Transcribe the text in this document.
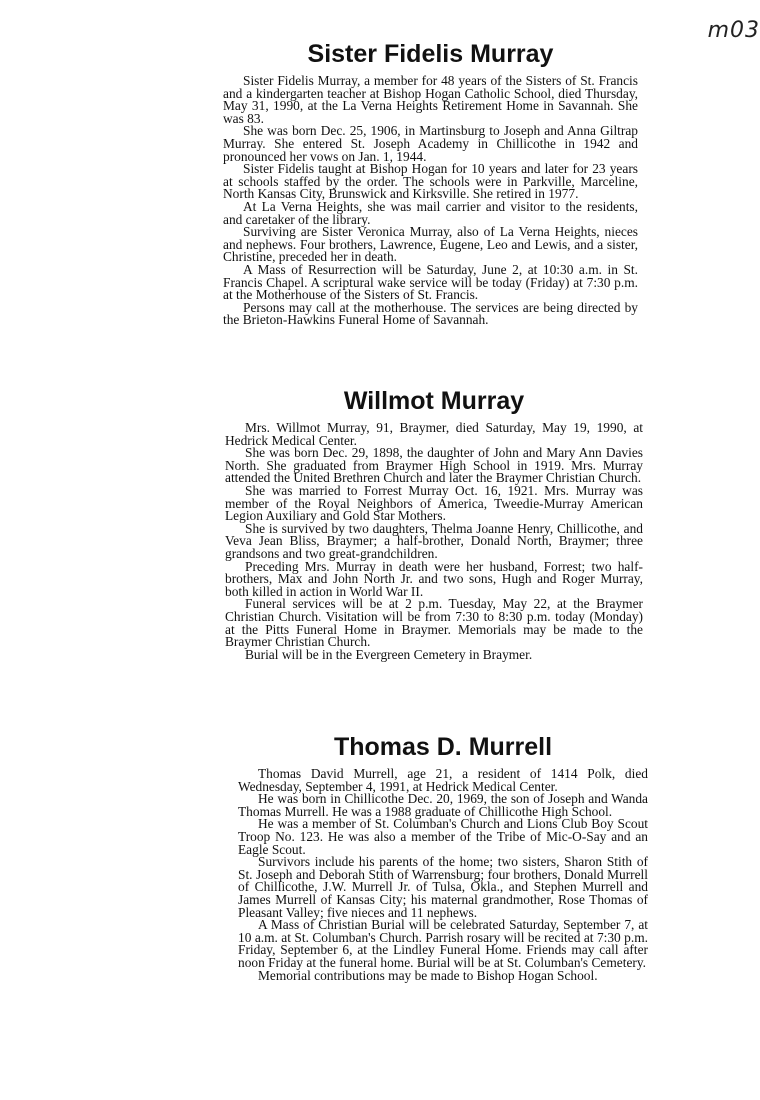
m03
Sister Fidelis Murray

Sister Fidelis Murray, a member for 48 years of the Sisters of St. Francis and a kindergarten teacher at Bishop Hogan Catholic School, died Thursday, May 31, 1990, at the La Verna Heights Retirement Home in Savannah. She was 83.

She was born Dec. 25, 1906, in Martinsburg to Joseph and Anna Giltrap Murray. She entered St. Joseph Academy in Chillicothe in 1942 and pronounced her vows on Jan. 1, 1944.

Sister Fidelis taught at Bishop Hogan for 10 years and later for 23 years at schools staffed by the order. The schools were in Parkville, Marceline, North Kansas City, Brunswick and Kirksville. She retired in 1977.

At La Verna Heights, she was mail carrier and visitor to the residents, and caretaker of the library.

Surviving are Sister Veronica Murray, also of La Verna Heights, nieces and nephews. Four brothers, Lawrence, Eugene, Leo and Lewis, and a sister, Christine, preceded her in death.

A Mass of Resurrection will be Saturday, June 2, at 10:30 a.m. in St. Francis Chapel. A scriptural wake service will be today (Friday) at 7:30 p.m. at the Motherhouse of the Sisters of St. Francis.

Persons may call at the motherhouse. The services are being directed by the Brieton-Hawkins Funeral Home of Savannah.

Willmot Murray

Mrs. Willmot Murray, 91, Braymer, died Saturday, May 19, 1990, at Hedrick Medical Center.

She was born Dec. 29, 1898, the daughter of John and Mary Ann Davies North. She graduated from Braymer High School in 1919. Mrs. Murray attended the United Brethren Church and later the Braymer Christian Church.

She was married to Forrest Murray Oct. 16, 1921. Mrs. Murray was member of the Royal Neighbors of America, Tweedie-Murray American Legion Auxiliary and Gold Star Mothers.

She is survived by two daughters, Thelma Joanne Henry, Chillicothe, and Veva Jean Bliss, Braymer; a half-brother, Donald North, Braymer; three grandsons and two great-grandchildren.

Preceding Mrs. Murray in death were her husband, Forrest; two half-brothers, Max and John North Jr. and two sons, Hugh and Roger Murray, both killed in action in World War II.

Funeral services will be at 2 p.m. Tuesday, May 22, at the Braymer Christian Church. Visitation will be from 7:30 to 8:30 p.m. today (Monday) at the Pitts Funeral Home in Braymer. Memorials may be made to the Braymer Christian Church.

Burial will be in the Evergreen Cemetery in Braymer.

Thomas D. Murrell

Thomas David Murrell, age 21, a resident of 1414 Polk, died Wednesday, September 4, 1991, at Hedrick Medical Center.

He was born in Chillicothe Dec. 20, 1969, the son of Joseph and Wanda Thomas Murrell. He was a 1988 graduate of Chillicothe High School.

He was a member of St. Columban's Church and Lions Club Boy Scout Troop No. 123. He was also a member of the Tribe of Mic-O-Say and an Eagle Scout.

Survivors include his parents of the home; two sisters, Sharon Stith of St. Joseph and Deborah Stith of Warrensburg; four brothers, Donald Murrell of Chillicothe, J.W. Murrell Jr. of Tulsa, Okla., and Stephen Murrell and James Murrell of Kansas City; his maternal grandmother, Rose Thomas of Pleasant Valley; five nieces and 11 nephews.

A Mass of Christian Burial will be celebrated Saturday, September 7, at 10 a.m. at St. Columban's Church. Parrish rosary will be recited at 7:30 p.m. Friday, September 6, at the Lindley Funeral Home. Friends may call after noon Friday at the funeral home. Burial will be at St. Columban's Cemetery.

Memorial contributions may be made to Bishop Hogan School.
